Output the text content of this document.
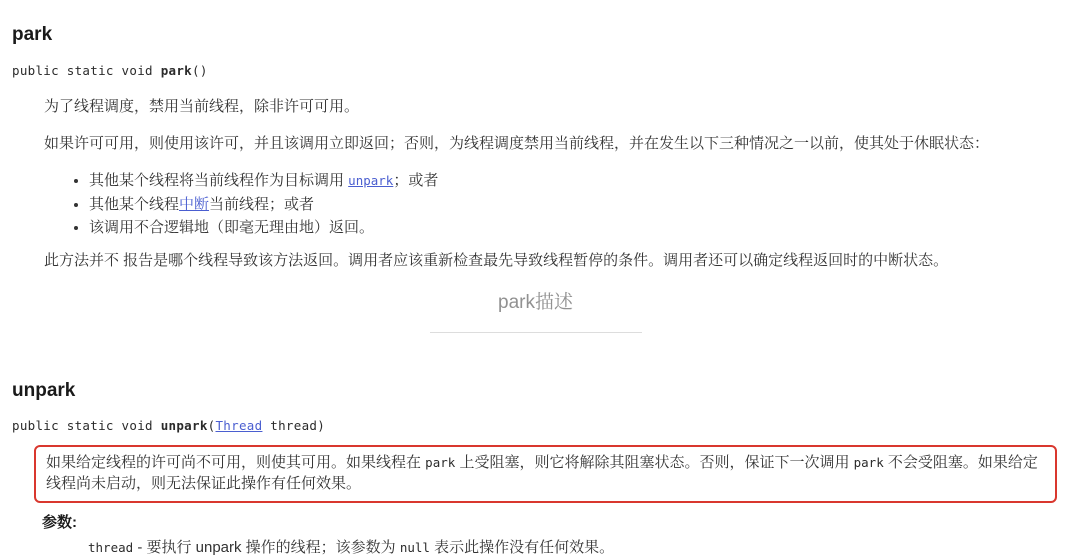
park
public static void park()

为了线程调度，禁用当前线程，除非许可可用。

如果许可可用，则使用该许可，并且该调用立即返回；否则，为线程调度禁用当前线程，并在发生以下三种情况之一以前，使其处于休眠状态：

• 其他某个线程将当前线程作为目标调用 unpark；或者
• 其他某个线程中断当前线程；或者
• 该调用不合逻辑地（即毫无理由地）返回。

此方法并不 报告是哪个线程导致该方法返回。调用者应该重新检查最先导致线程暂停的条件。调用者还可以确定线程返回时的中断状态。

park描述
unpark
public static void unpark(Thread thread)
如果给定线程的许可尚不可用，则使其可用。如果线程在 park 上受阻塞，则它将解除其阻塞状态。否则，保证下一次调用 park 不会受阻塞。如果给定线程尚未启动，则无法保证此操作有任何效果。
参数:
thread - 要执行 unpark 操作的线程；该参数为 null 表示此操作没有任何效果。
